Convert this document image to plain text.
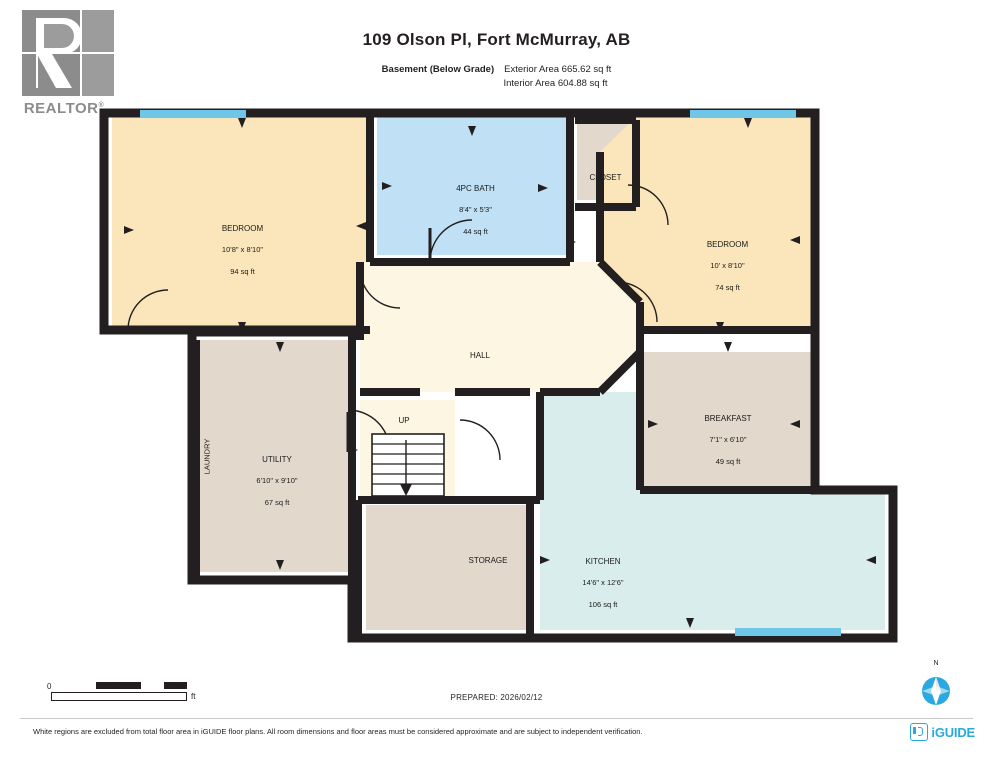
REALTOR®
109 Olson Pl, Fort McMurray, AB
Basement (Below Grade) Exterior Area 665.62 sq ft
Interior Area 604.88 sq ft

BEDROOM

10'8" x 8'10"

94 sq ft

4PC BATH

8'4" x 5'3"

44 sq ft

CLOSET

BEDROOM

10' x 8'10"

74 sq ft

HALL

LAUNDRY	UTILITY

6'10" x 9'10"

67 sq ft

UP

STORAGE

BREAKFAST

7'1" x 6'10"

49 sq ft

KITCHEN

14'6" x 12'6"

106 sq ft

0	3	6
ft	PREPARED: 2026/02/12
N
White regions are excluded from total floor area in iGUIDE floor plans. All room dimensions and floor areas must be considered approximate and are subject to independent verification.	iGUIDE
